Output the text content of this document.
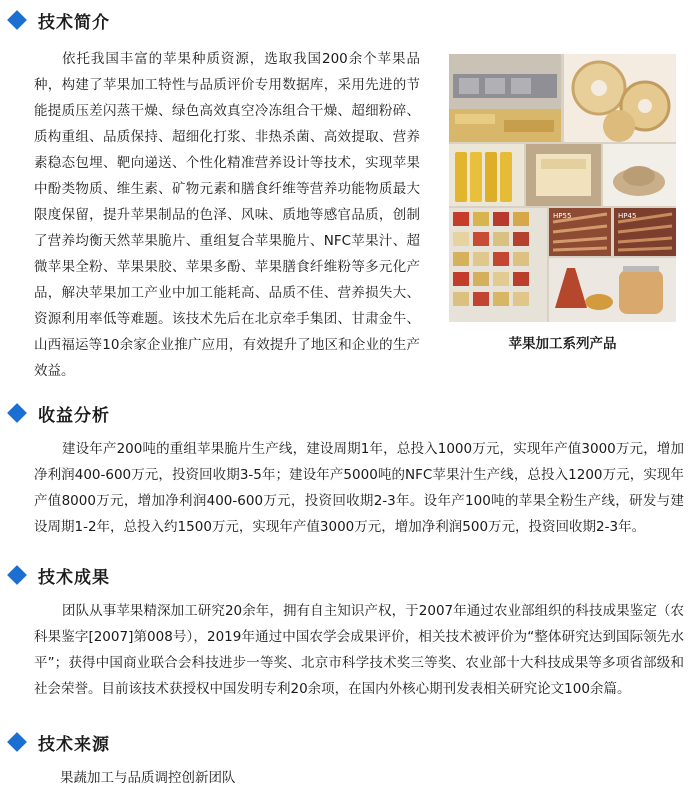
技术简介
依托我国丰富的苹果种质资源，选取我国200余个苹果品种，构建了苹果加工特性与品质评价专用数据库，采用先进的节能提质压差闪蒸干燥、绿色高效真空冷冻组合干燥、超细粉碎、质构重组、品质保持、超细化打浆、非热杀菌、高效提取、营养素稳态包埋、靶向递送、个性化精准营养设计等技术，实现苹果中酚类物质、维生素、矿物元素和膳食纤维等营养功能物质最大限度保留，提升苹果制品的色泽、风味、质地等感官品质，创制了营养均衡天然苹果脆片、重组复合苹果脆片、NFC苹果汁、超微苹果全粉、苹果果胶、苹果多酚、苹果膳食纤维粉等多元化产品，解决苹果加工产业中加工能耗高、品质不佳、营养损失大、资源利用率低等难题。该技术先后在北京牵手集团、甘肃金牛、山西福运等10余家企业推广应用，有效提升了地区和企业的生产效益。
HP55	HP45
苹果加工系列产品
收益分析
建设年产200吨的重组苹果脆片生产线，建设周期1年，总投入1000万元，实现年产值3000万元，增加净利润400-600万元，投资回收期3-5年；建设年产5000吨的NFC苹果汁生产线，总投入1200万元，实现年产值8000万元，增加净利润400-600万元，投资回收期2-3年。设年产100吨的苹果全粉生产线，研发与建设周期1-2年，总投入约1500万元，实现年产值3000万元，增加净利润500万元，投资回收期2-3年。
技术成果
团队从事苹果精深加工研究20余年，拥有自主知识产权，于2007年通过农业部组织的科技成果鉴定（农科果鉴字[2007]第008号），2019年通过中国农学会成果评价，相关技术被评价为“整体研究达到国际领先水平”；获得中国商业联合会科技进步一等奖、北京市科学技术奖三等奖、农业部十大科技成果等多项省部级和社会荣誉。目前该技术获授权中国发明专利20余项，在国内外核心期刊发表相关研究论文100余篇。
技术来源
果蔬加工与品质调控创新团队
